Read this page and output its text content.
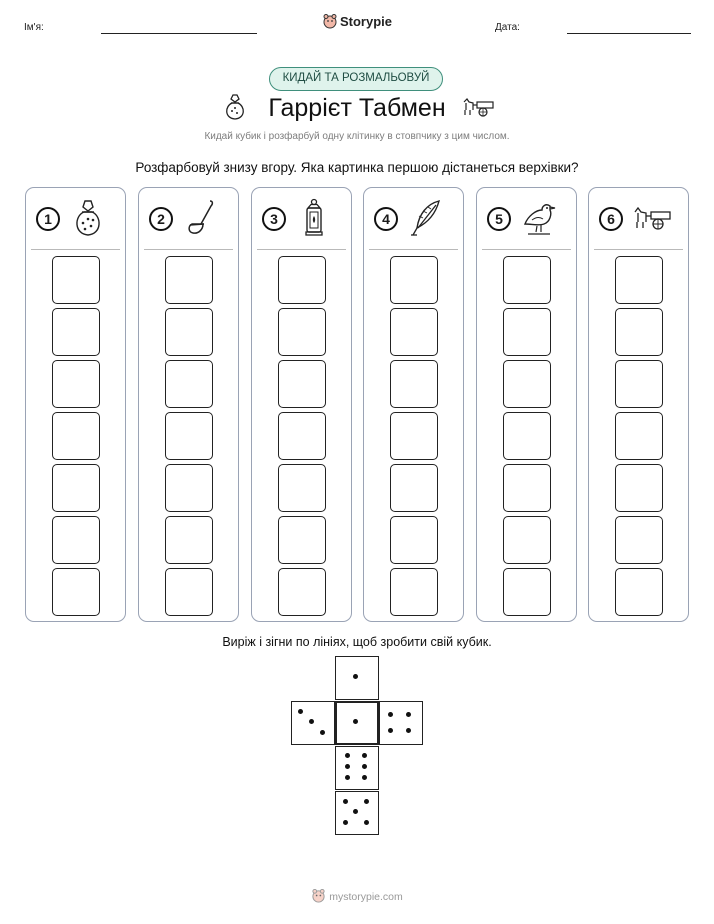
Ім'я:	Storypie	Дата:
КИДАЙ ТА РОЗМАЛЬОВУЙ
Гаррієт Табмен
Кидай кубик і розфарбуй одну клітинку в стовпчику з цим числом.
Розфарбовуй знизу вгору. Яка картинка першою дістанеться верхівки?
1	2	3	4	5	6
Виріж і зігни по лініях, щоб зробити свій кубик.
mystorypie.com
